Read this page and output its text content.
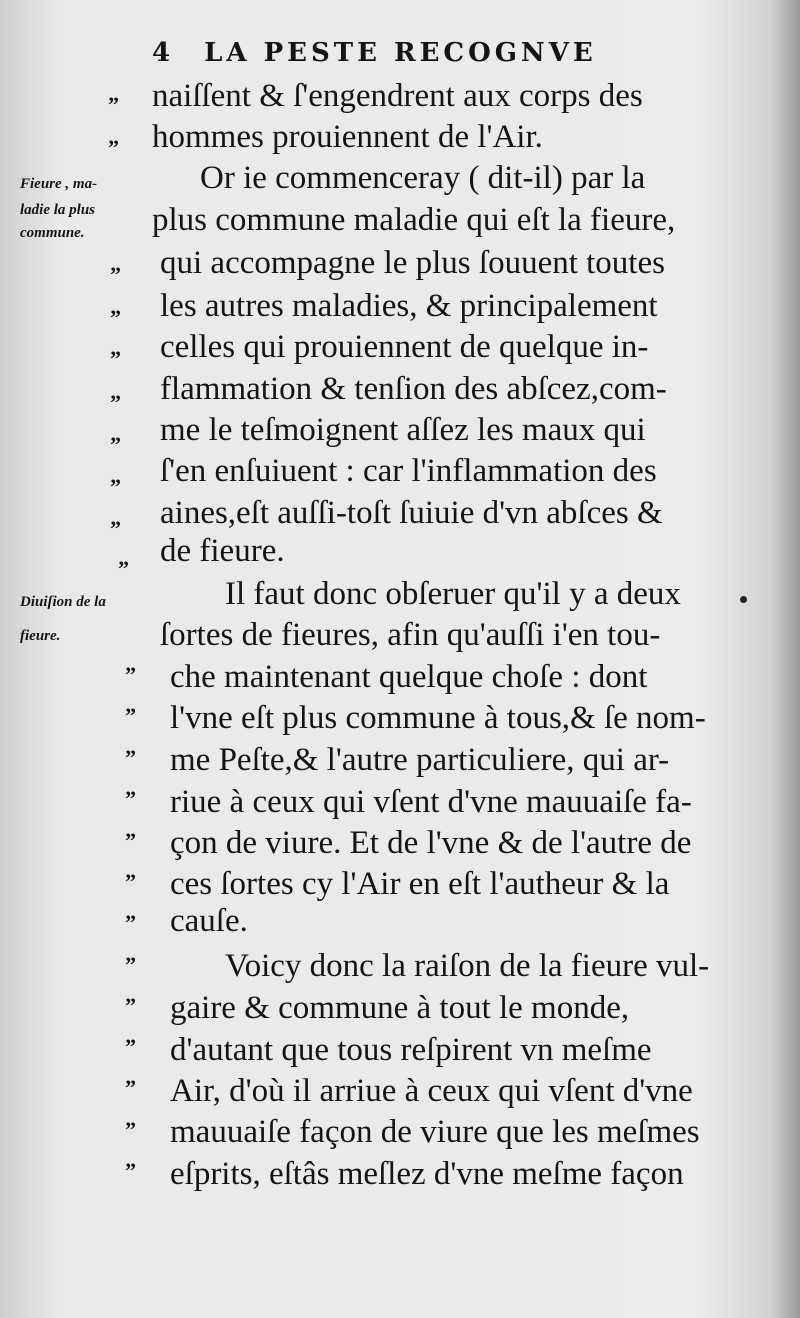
4 LA PESTE RECOGNVE
Fieure , ma-
ladie la plus
commune.
Diuiſion de la
fieure.
naiſſent & ſ'engendrent aux corps des
hommes prouiennent de l'Air.
Or ie commenceray ( dit-il) par la
plus commune maladie qui eſt la fieure,
qui accompagne le plus ſouuent toutes
les autres maladies, & principalement
celles qui prouiennent de quelque in-
flammation & tenſion des abſcez,com-
me le teſmoignent aſſez les maux qui
ſ'en enſuiuent : car l'inflammation des
aines,eſt auſſi-toſt ſuiuie d'vn abſces &
de fieure.
Il faut donc obſeruer qu'il y a deux
ſortes de fieures, afin qu'auſſi i'en tou-
che maintenant quelque choſe : dont
l'vne eſt plus commune à tous,& ſe nom-
me Peſte,& l'autre particuliere, qui ar-
riue à ceux qui vſent d'vne mauuaiſe fa-
çon de viure. Et de l'vne & de l'autre de
ces ſortes cy l'Air en eſt l'autheur & la
cauſe.
Voicy donc la raiſon de la fieure vul-
gaire & commune à tout le monde,
d'autant que tous reſpirent vn meſme
Air, d'où il arriue à ceux qui vſent d'vne
mauuaiſe façon de viure que les meſmes
eſprits, eſtâs meſlez d'vne meſme façon
”
”
”
”
”
”
”
”
”
”
”
”
”
”
”
”
”
”
”
”
”
”
”
